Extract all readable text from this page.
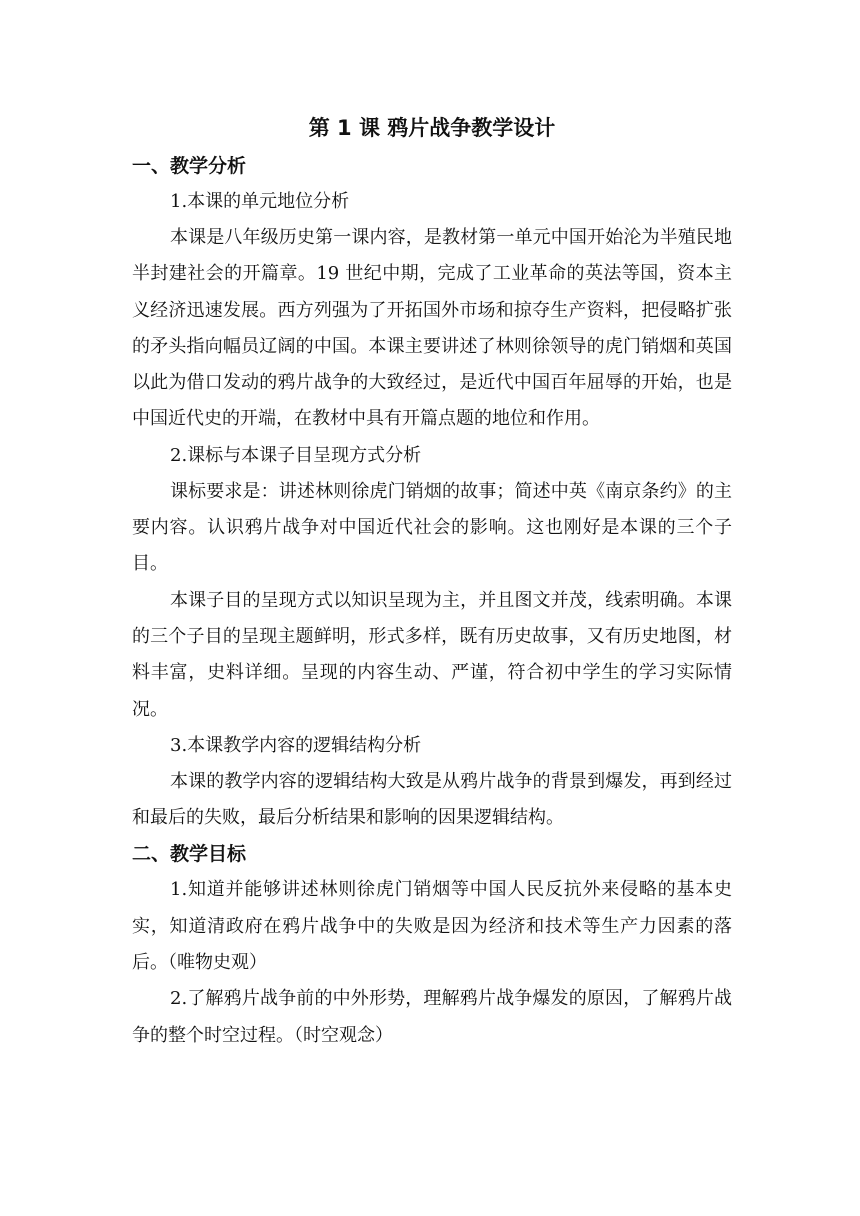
第 1 课 鸦片战争教学设计
一、教学分析
1.本课的单元地位分析

本课是八年级历史第一课内容，是教材第一单元中国开始沦为半殖民地半封建社会的开篇章。19 世纪中期，完成了工业革命的英法等国，资本主义经济迅速发展。西方列强为了开拓国外市场和掠夺生产资料，把侵略扩张的矛头指向幅员辽阔的中国。本课主要讲述了林则徐领导的虎门销烟和英国以此为借口发动的鸦片战争的大致经过，是近代中国百年屈辱的开始，也是中国近代史的开端，在教材中具有开篇点题的地位和作用。

2.课标与本课子目呈现方式分析

课标要求是：讲述林则徐虎门销烟的故事；简述中英《南京条约》的主要内容。认识鸦片战争对中国近代社会的影响。这也刚好是本课的三个子目。

本课子目的呈现方式以知识呈现为主，并且图文并茂，线索明确。本课的三个子目的呈现主题鲜明，形式多样，既有历史故事，又有历史地图，材料丰富，史料详细。呈现的内容生动、严谨，符合初中学生的学习实际情况。

3.本课教学内容的逻辑结构分析

本课的教学内容的逻辑结构大致是从鸦片战争的背景到爆发，再到经过和最后的失败，最后分析结果和影响的因果逻辑结构。

二、教学目标

1.知道并能够讲述林则徐虎门销烟等中国人民反抗外来侵略的基本史实，知道清政府在鸦片战争中的失败是因为经济和技术等生产力因素的落后。（唯物史观）

2.了解鸦片战争前的中外形势，理解鸦片战争爆发的原因，了解鸦片战争的整个时空过程。（时空观念）
